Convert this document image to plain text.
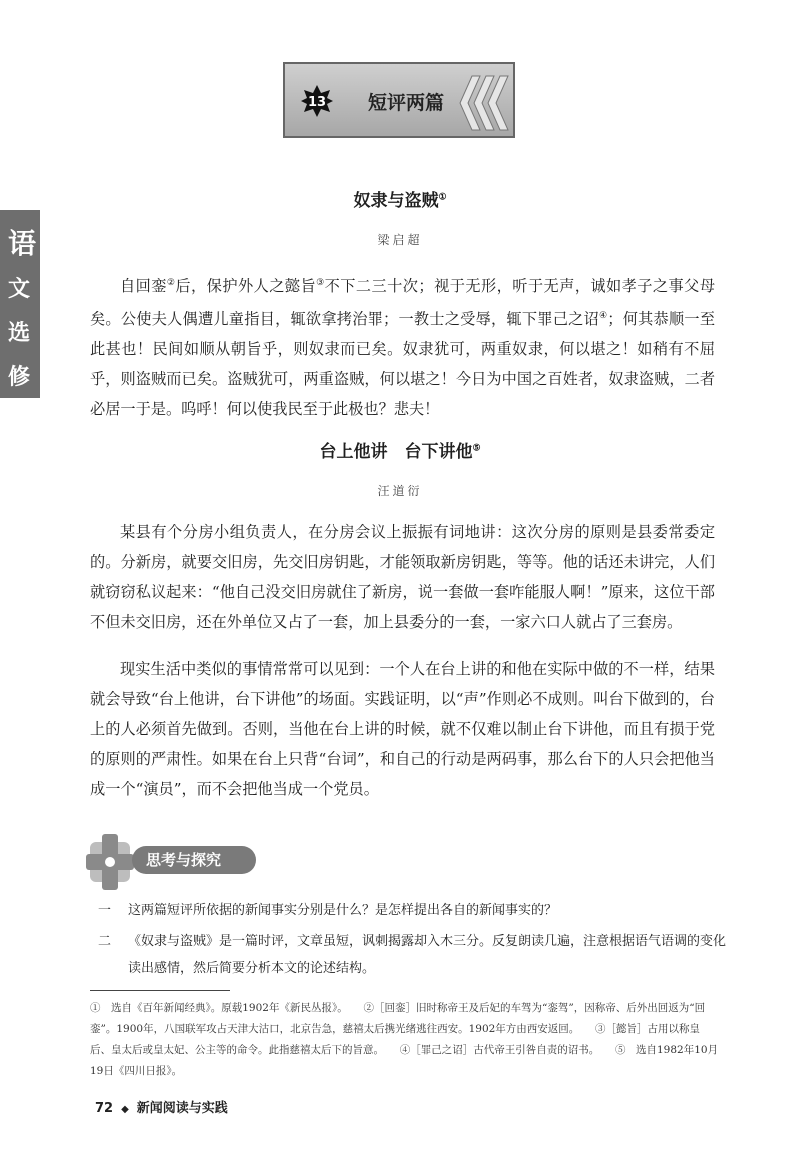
13 短评两篇
语
文
选
修
奴隶与盗贼①
梁启超

自回銮②后，保护外人之懿旨③不下二三十次；视于无形，听于无声，诚如孝子之事父母矣。公使夫人偶遭儿童指目，辄欲拿拷治罪；一教士之受辱，辄下罪己之诏④；何其恭顺一至此甚也！民间如顺从朝旨乎，则奴隶而已矣。奴隶犹可，两重奴隶，何以堪之！如稍有不屈乎，则盗贼而已矣。盗贼犹可，两重盗贼，何以堪之！今日为中国之百姓者，奴隶盗贼，二者必居一于是。呜呼！何以使我民至于此极也？悲夫！

台上他讲　台下讲他⑤
汪道衍

某县有个分房小组负责人，在分房会议上振振有词地讲：这次分房的原则是县委常委定的。分新房，就要交旧房，先交旧房钥匙，才能领取新房钥匙，等等。他的话还未讲完，人们就窃窃私议起来：“他自己没交旧房就住了新房，说一套做一套咋能服人啊！”原来，这位干部不但未交旧房，还在外单位又占了一套，加上县委分的一套，一家六口人就占了三套房。

现实生活中类似的事情常常可以见到：一个人在台上讲的和他在实际中做的不一样，结果就会导致“台上他讲，台下讲他”的场面。实践证明，以“声”作则必不成则。叫台下做到的，台上的人必须首先做到。否则，当他在台上讲的时候，就不仅难以制止台下讲他，而且有损于党的原则的严肃性。如果在台上只背“台词”，和自己的行动是两码事，那么台下的人只会把他当成一个“演员”，而不会把他当成一个党员。

思考与探究
一 这两篇短评所依据的新闻事实分别是什么？是怎样提出各自的新闻事实的？
二 《奴隶与盗贼》是一篇时评，文章虽短，讽刺揭露却入木三分。反复朗读几遍，注意根据语气语调的变化读出感情，然后简要分析本文的论述结构。

①　选自《百年新闻经典》。原载1902年《新民丛报》。　　②［回銮］旧时称帝王及后妃的车驾为“銮驾”，因称帝、后外出回返为“回銮”。1900年，八国联军攻占天津大沽口，北京告急，慈禧太后携光绪逃往西安。1902年方由西安返回。　　③［懿旨］古用以称皇后、皇太后或皇太妃、公主等的命令。此指慈禧太后下的旨意。　　④［罪己之诏］古代帝王引咎自责的诏书。　　⑤　选自1982年10月19日《四川日报》。

72 ◆ 新闻阅读与实践
